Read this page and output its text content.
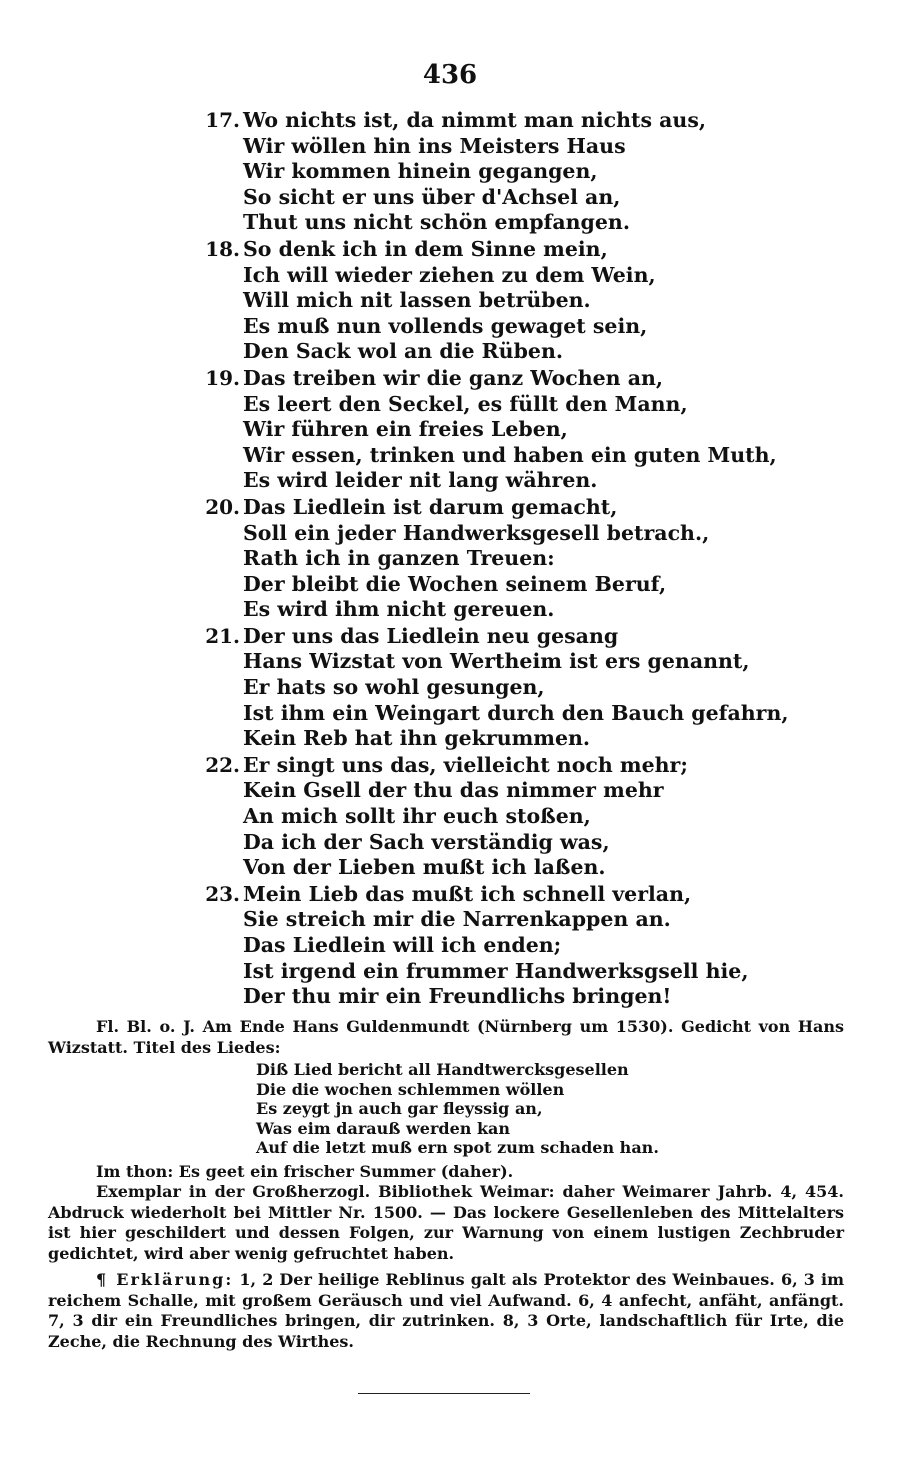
436
17. Wo nichts ist, da nimmt man nichts aus,
Wir wöllen hin ins Meisters Haus
Wir kommen hinein gegangen,
So sicht er uns über d'Achsel an,
Thut uns nicht schön empfangen.
18. So denk ich in dem Sinne mein,
Ich will wieder ziehen zu dem Wein,
Will mich nit lassen betrüben.
Es muß nun vollends gewaget sein,
Den Sack wol an die Rüben.
19. Das treiben wir die ganz Wochen an,
Es leert den Seckel, es füllt den Mann,
Wir führen ein freies Leben,
Wir essen, trinken und haben ein guten Muth,
Es wird leider nit lang währen.
20. Das Liedlein ist darum gemacht,
Soll ein jeder Handwerksgesell betrach.,
Rath ich in ganzen Treuen:
Der bleibt die Wochen seinem Beruf,
Es wird ihm nicht gereuen.
21. Der uns das Liedlein neu gesang
Hans Wizstat von Wertheim ist ers genannt,
Er hats so wohl gesungen,
Ist ihm ein Weingart durch den Bauch gefahrn,
Kein Reb hat ihn gekrummen.
22. Er singt uns das, vielleicht noch mehr;
Kein Gsell der thu das nimmer mehr
An mich sollt ihr euch stoßen,
Da ich der Sach verständig was,
Von der Lieben mußt ich laßen.
23. Mein Lieb das mußt ich schnell verlan,
Sie streich mir die Narrenkappen an.
Das Liedlein will ich enden;
Ist irgend ein frummer Handwerksgsell hie,
Der thu mir ein Freundlichs bringen!

Fl. Bl. o. J. Am Ende Hans Guldenmundt (Nürnberg um 1530). Gedicht von Hans Wizstatt. Titel des Liedes:

Diß Lied bericht all Handtwercksgesellen
Die die wochen schlemmen wöllen
Es zeygt jn auch gar fleyssig an,
Was eim darauß werden kan
Auf die letzt muß ern spot zum schaden han.

Im thon: Es geet ein frischer Summer (daher).

Exemplar in der Großherzogl. Bibliothek Weimar: daher Weimarer Jahrb. 4, 454. Abdruck wiederholt bei Mittler Nr. 1500. — Das lockere Gesellenleben des Mittelalters ist hier geschildert und dessen Folgen, zur Warnung von einem lustigen Zechbruder gedichtet, wird aber wenig gefruchtet haben.

¶ Erklärung: 1, 2 Der heilige Reblinus galt als Protektor des Weinbaues. 6, 3 im reichem Schalle, mit großem Geräusch und viel Aufwand. 6, 4 anfecht, anfäht, anfängt. 7, 3 dir ein Freundliches bringen, dir zutrinken. 8, 3 Orte, landschaftlich für Irte, die Zeche, die Rechnung des Wirthes.
